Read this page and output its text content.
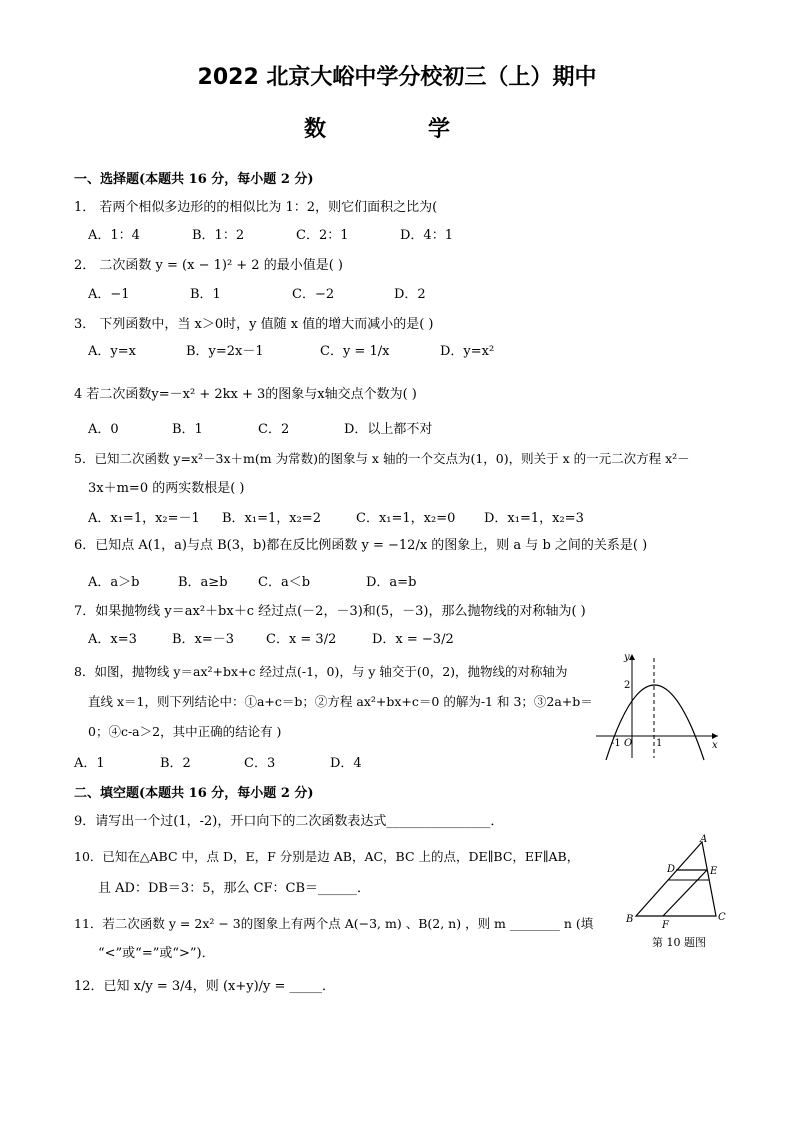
2022 北京大峪中学分校初三（上）期中
数　学
一、选择题(本题共 16 分，每小题 2 分)
1． 若两个相似多边形的的相似比为 1：2，则它们面积之比为(
A．1：4	B．1：2	C．2：1	D．4：1
2． 二次函数 y = (x − 1)² + 2 的最小值是( )
A．−1	B．1	C．−2	D．2
3． 下列函数中，当 x＞0时，y 值随 x 值的增大而减小的是( )
A．y=x	B．y=2x－1	C．y = 1/x	D．y=x²
4 若二次函数y=－x² + 2kx + 3的图象与x轴交点个数为( )
A．0	B．1	C．2	D．以上都不对
5．已知二次函数 y=x²－3x＋m(m 为常数)的图象与 x 轴的一个交点为(1，0)，则关于 x 的一元二次方程 x²－
3x＋m=0 的两实数根是( )
A．x₁=1，x₂=－1 B．x₁=1，x₂=2	C．x₁=1，x₂=0 D．x₁=1，x₂=3
6．已知点 A(1，a)与点 B(3，b)都在反比例函数 y = −12/x 的图象上，则 a 与 b 之间的关系是( )
A．a＞b	B．a≥b C．a＜b	D．a=b
7．如果抛物线 y＝ax²＋bx＋c 经过点(－2，－3)和(5，－3)，那么抛物线的对称轴为( )
A．x=3	B．x=－3 C．x = 3/2	D．x = −3/2
8．如图，抛物线 y＝ax²+bx+c 经过点(-1，0)，与 y 轴交于(0，2)，抛物线的对称轴为
直线 x＝1，则下列结论中：①a+c＝b；②方程 ax²+bx+c＝0 的解为-1 和 3；③2a+b＝
0；④c-a＞2，其中正确的结论有 )
A．1	B．2	C．3	D．4
y
x
2
-1 O 1
二、填空题(本题共 16 分，每小题 2 分)
9．请写出一个过(1，-2)，开口向下的二次函数表达式________________．
10．已知在△ABC 中，点 D，E，F 分别是边 AB，AC，BC 上的点，DE∥BC，EF∥AB，
且 AD：DB＝3：5，那么 CF：CB＝______．
11．若二次函数 y = 2x² − 3的图象上有两个点 A(−3, m) 、B(2, n) ，则 m ________ n (填
“<”或“=”或“>”)．
12．已知 x/y = 3/4，则 (x+y)/y = _____．
A
B	C
D	E
F
第 10 题图
